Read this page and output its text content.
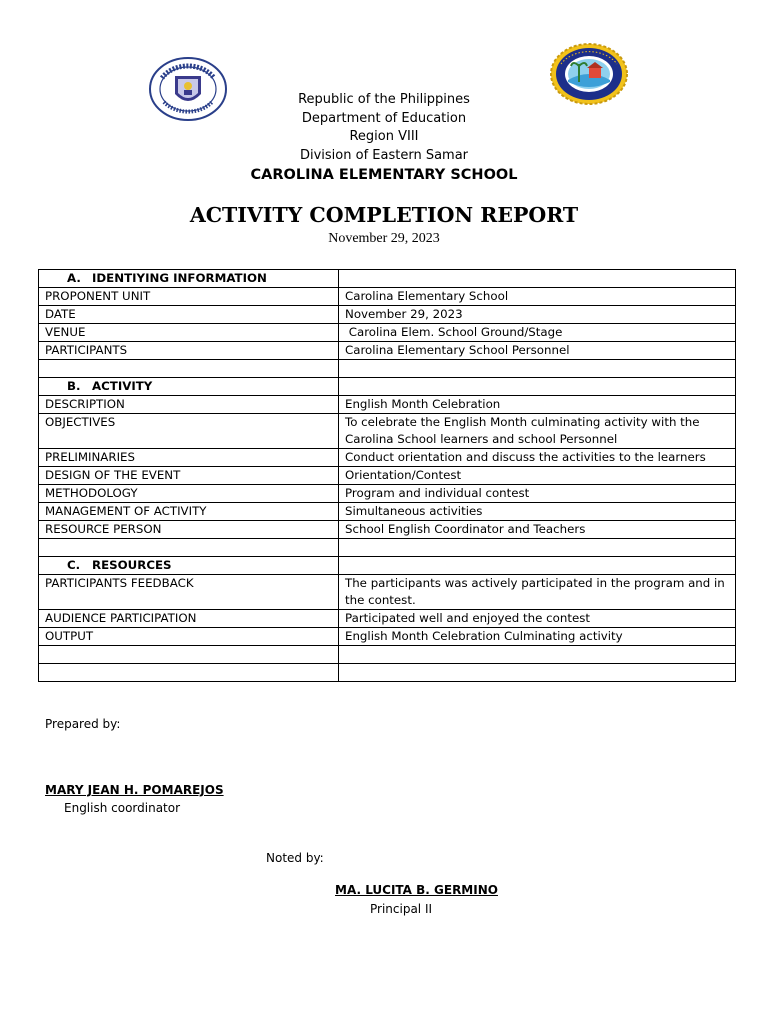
Republic of the Philippines
Department of Education
Region VIII
Division of Eastern Samar
CAROLINA ELEMENTARY SCHOOL
ACTIVITY COMPLETION REPORT
November 29, 2023
A. IDENTIYING INFORMATION	
PROPONENT UNIT	Carolina Elementary School
DATE	November 29, 2023
VENUE	Carolina Elem. School Ground/Stage
PARTICIPANTS	Carolina Elementary School Personnel

B. ACTIVITY	
DESCRIPTION	English Month Celebration
OBJECTIVES	To celebrate the English Month culminating activity with the Carolina School learners and school Personnel
PRELIMINARIES	Conduct orientation and discuss the activities to the learners
DESIGN OF THE EVENT	Orientation/Contest
METHODOLOGY	Program and individual contest
MANAGEMENT OF ACTIVITY	Simultaneous activities
RESOURCE PERSON	School English Coordinator and Teachers

C. RESOURCES	
PARTICIPANTS FEEDBACK	The participants was actively participated in the program and in the contest.
AUDIENCE PARTICIPATION	Participated well and enjoyed the contest
OUTPUT	English Month Celebration Culminating activity

Prepared by:
MARY JEAN H. POMAREJOS
English coordinator
Noted by:
MA. LUCITA B. GERMINO
Principal II
